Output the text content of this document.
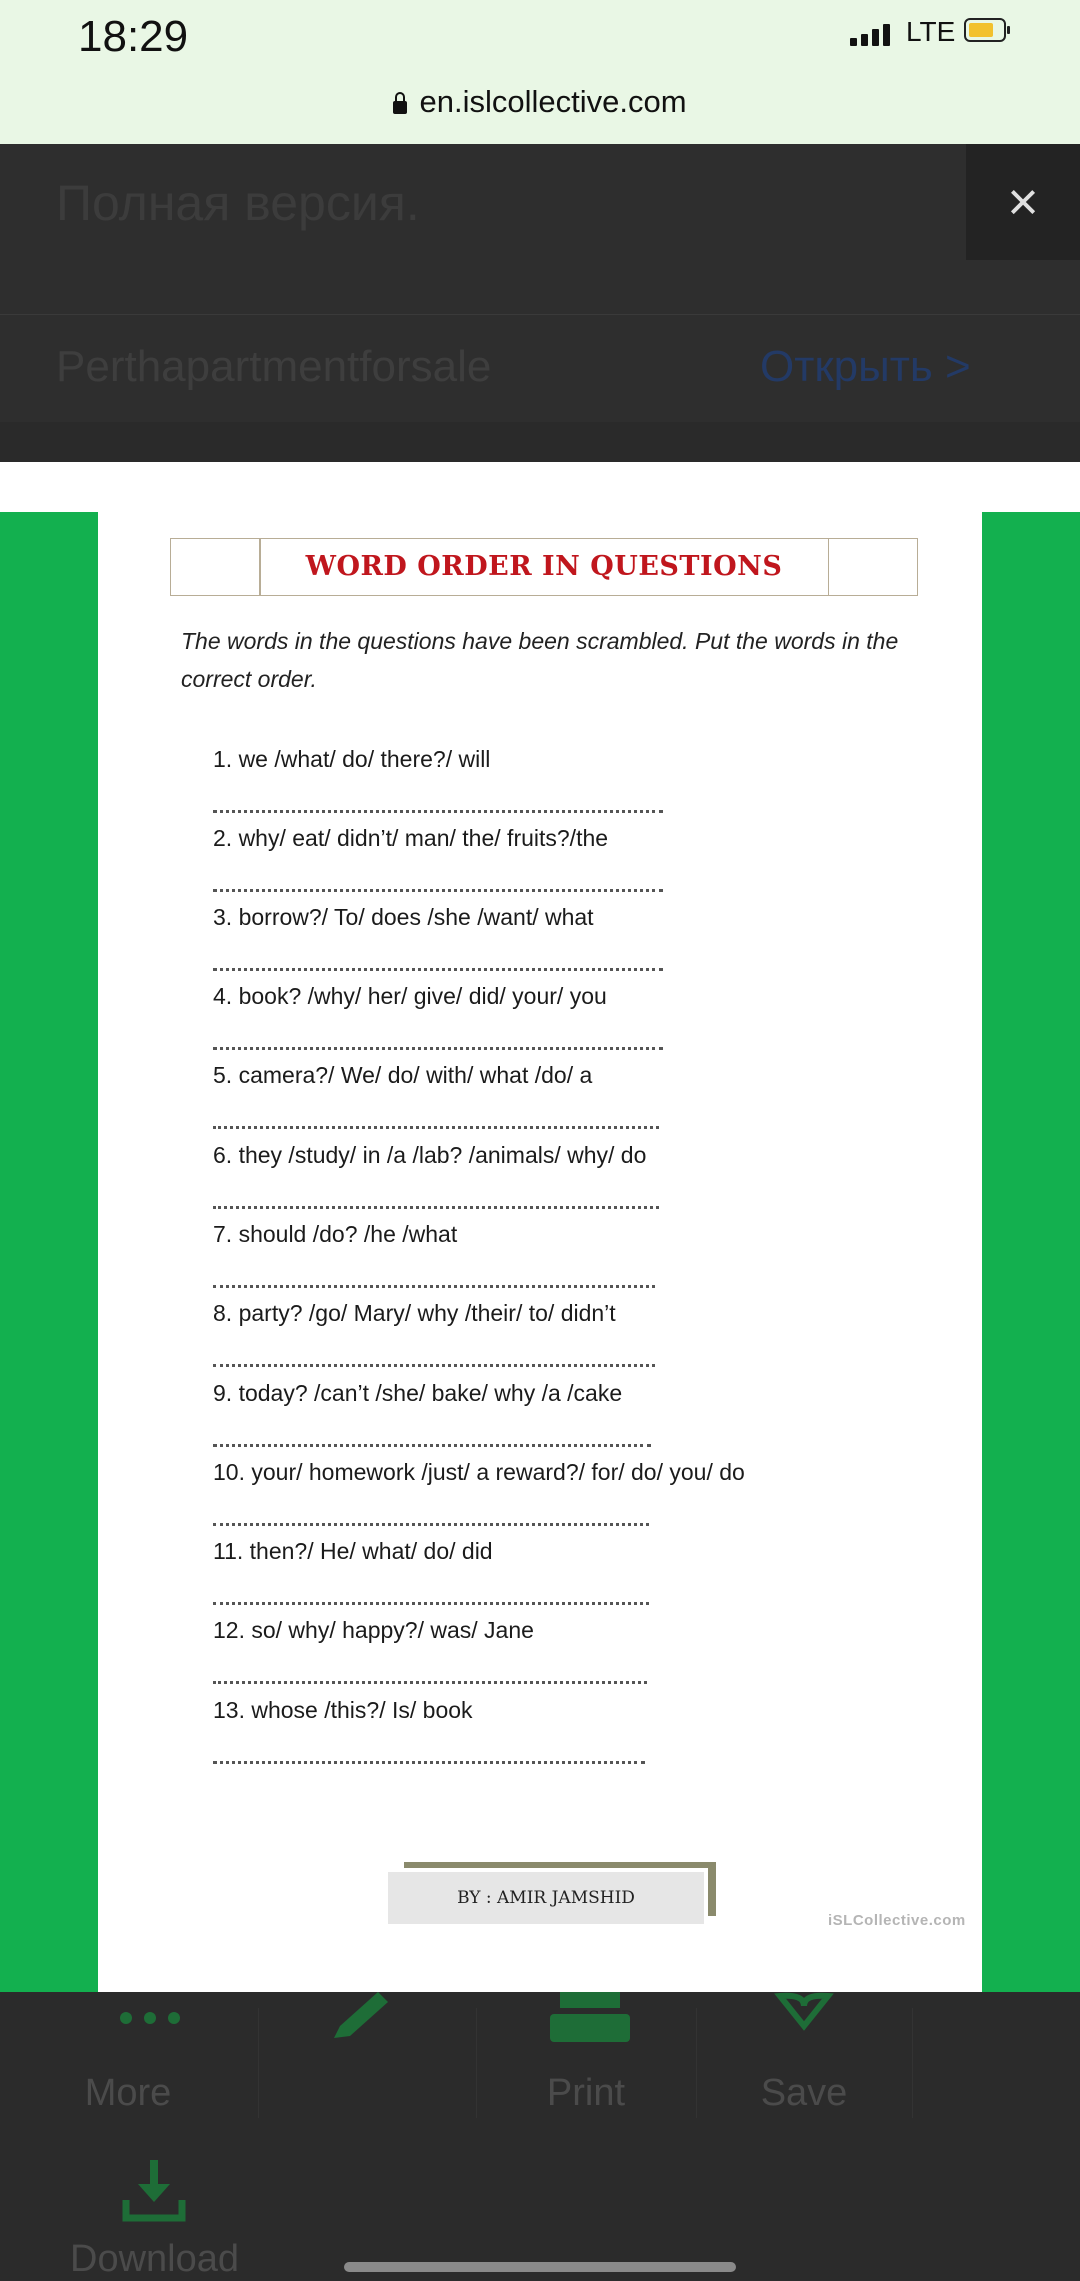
18:29	LTE
en.islcollective.com
Полная версия.	×
Perthapartmentforsale	Открыть >
WORD ORDER IN QUESTIONS
The words in the questions have been scrambled. Put the words in the correct order.
1. we /what/ do/ there?/ will
2. why/ eat/ didn’t/ man/ the/ fruits?/the
3. borrow?/ To/ does /she /want/ what
4. book? /why/ her/ give/ did/ your/ you
5. camera?/ We/ do/ with/ what /do/ a
6. they /study/ in /a /lab? /animals/ why/ do
7. should /do? /he /what
8. party? /go/ Mary/ why /their/ to/ didn’t
9. today? /can’t /she/ bake/ why /a /cake
10. your/ homework /just/ a reward?/ for/ do/ you/ do
11. then?/ He/ what/ do/ did
12. so/ why/ happy?/ was/ Jane
13. whose /this?/ Is/ book
BY : AMIR JAMSHID
iSLCollective.com
More	Print	Save
Download
